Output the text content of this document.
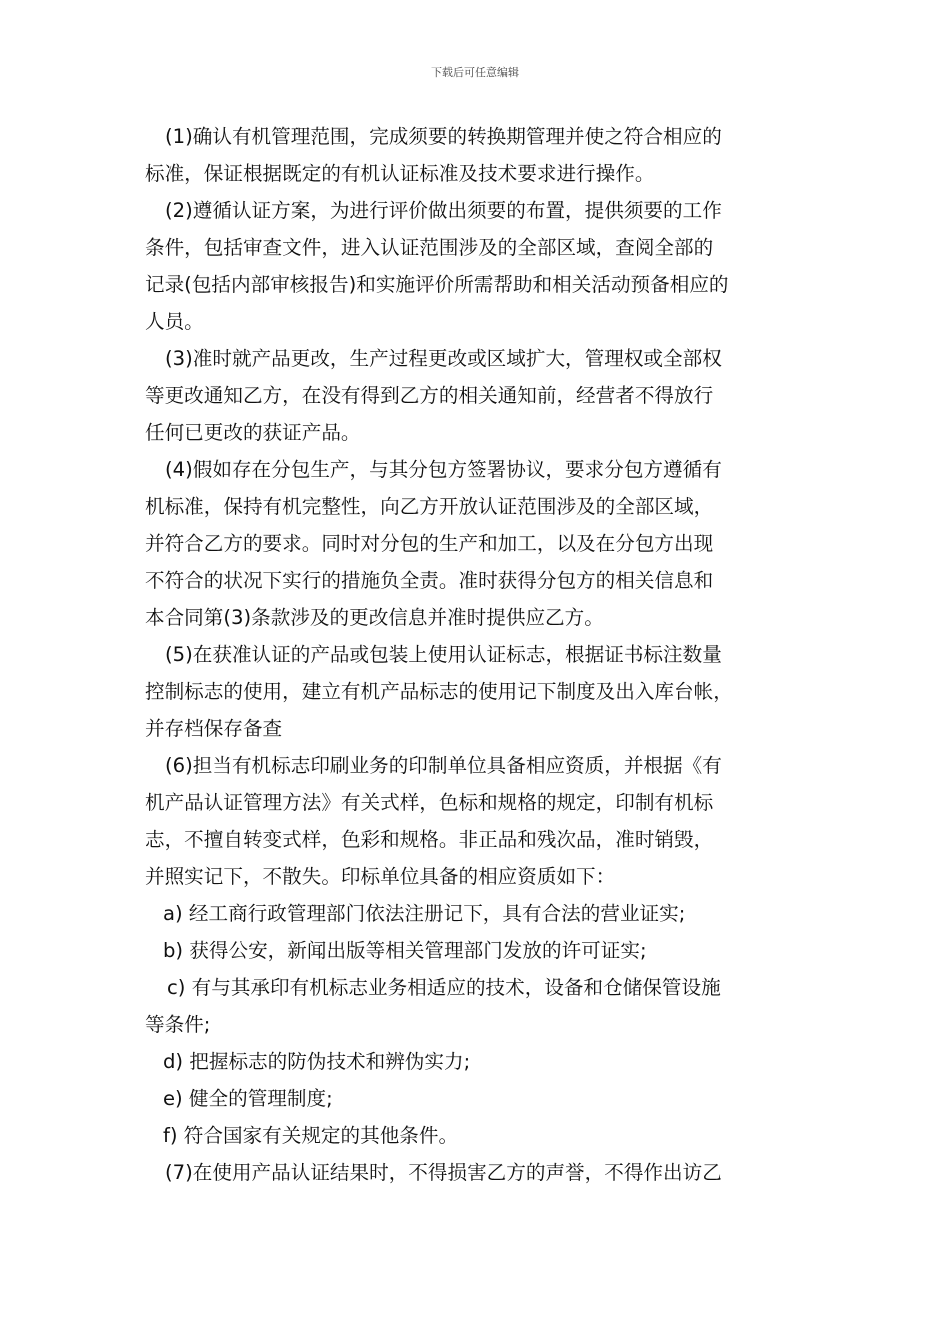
下载后可任意编辑
(1)确认有机管理范围，完成须要的转换期管理并使之符合相应的
标准，保证根据既定的有机认证标准及技术要求进行操作。
(2)遵循认证方案，为进行评价做出须要的布置，提供须要的工作
条件，包括审查文件，进入认证范围涉及的全部区域，查阅全部的
记录(包括内部审核报告)和实施评价所需帮助和相关活动预备相应的
人员。
(3)准时就产品更改，生产过程更改或区域扩大，管理权或全部权
等更改通知乙方，在没有得到乙方的相关通知前，经营者不得放行
任何已更改的获证产品。
(4)假如存在分包生产，与其分包方签署协议，要求分包方遵循有
机标准，保持有机完整性，向乙方开放认证范围涉及的全部区域，
并符合乙方的要求。同时对分包的生产和加工，以及在分包方出现
不符合的状况下实行的措施负全责。准时获得分包方的相关信息和
本合同第(3)条款涉及的更改信息并准时提供应乙方。
(5)在获准认证的产品或包装上使用认证标志，根据证书标注数量
控制标志的使用，建立有机产品标志的使用记下制度及出入库台帐，
并存档保存备查
(6)担当有机标志印刷业务的印制单位具备相应资质，并根据《有
机产品认证管理方法》有关式样，色标和规格的规定，印制有机标
志，不擅自转变式样，色彩和规格。非正品和残次品，准时销毁，
并照实记下，不散失。印标单位具备的相应资质如下：
a) 经工商行政管理部门依法注册记下，具有合法的营业证实;
b) 获得公安，新闻出版等相关管理部门发放的许可证实;
c) 有与其承印有机标志业务相适应的技术，设备和仓储保管设施
等条件;
d) 把握标志的防伪技术和辨伪实力;
e) 健全的管理制度;
f) 符合国家有关规定的其他条件。
(7)在使用产品认证结果时，不得损害乙方的声誉，不得作出访乙
